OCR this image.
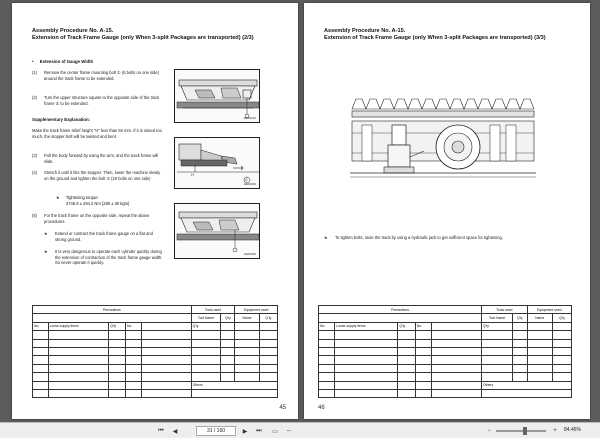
Assembly Procedure No. A-15.
Extension of Track Frame Gauge (only When 3-split Packages are transported) (2/3)
• Extension of Gauge Width
(1)	Remove the center frame mounting bolt ① (6 bolts on one side) around the track frame to be extended.
(2)	Turn the upper structure square to the opposite side of the track frame ② to be extended.
Supplementary Explanation:
Make the track frame relief height "H" less than 50 mm. If it is raised too much, the stopper bolt will be twisted and bent.
(3)	Pull the body forward by using the arm, and the track frame will slide.
(4)	Stretch it until it hits the stopper. Then, lower the machine slowly on the ground and tighten the bolt ① (20 bolts on one side)
★ Tightening torque:
2745.9 ± 294.2 Nm {280 ± 30 kgm}
(5)	For the track frame on the opposite side, repeat the above procedures.
★	Extend or contract the track frame gauge on a flat and strong ground.
★	It is very dangerous to operate each cylinder quickly during the extension of contraction of the track frame gauge width. So never operate it quickly.
AE06192
H
Ⓐ
AE06099
AE06060
Precautions					Tools used		Equipment used	
					Tool Name	Q'ty	Name	Q'ty
No.	Loose-supply items	Q'ty	No.		Q'ty			

					Others			

45
Assembly Procedure No. A-15.
Extension of Track Frame Gauge (only When 3-split Packages are transported) (3/3)
★	To tighten bolts, raise the track by using a hydraulic jack to get sufficient space for tightening.
Precautions					Tools used		Equipment used	
					Tool Name	Q'ty	Name	Q'ty
No.	Loose-supply items	Q'ty	No.		Q'ty			

					Others			

46
⏮	◀	31 / 160	▶	⏭	▭	⇔	−	+	84.46%
